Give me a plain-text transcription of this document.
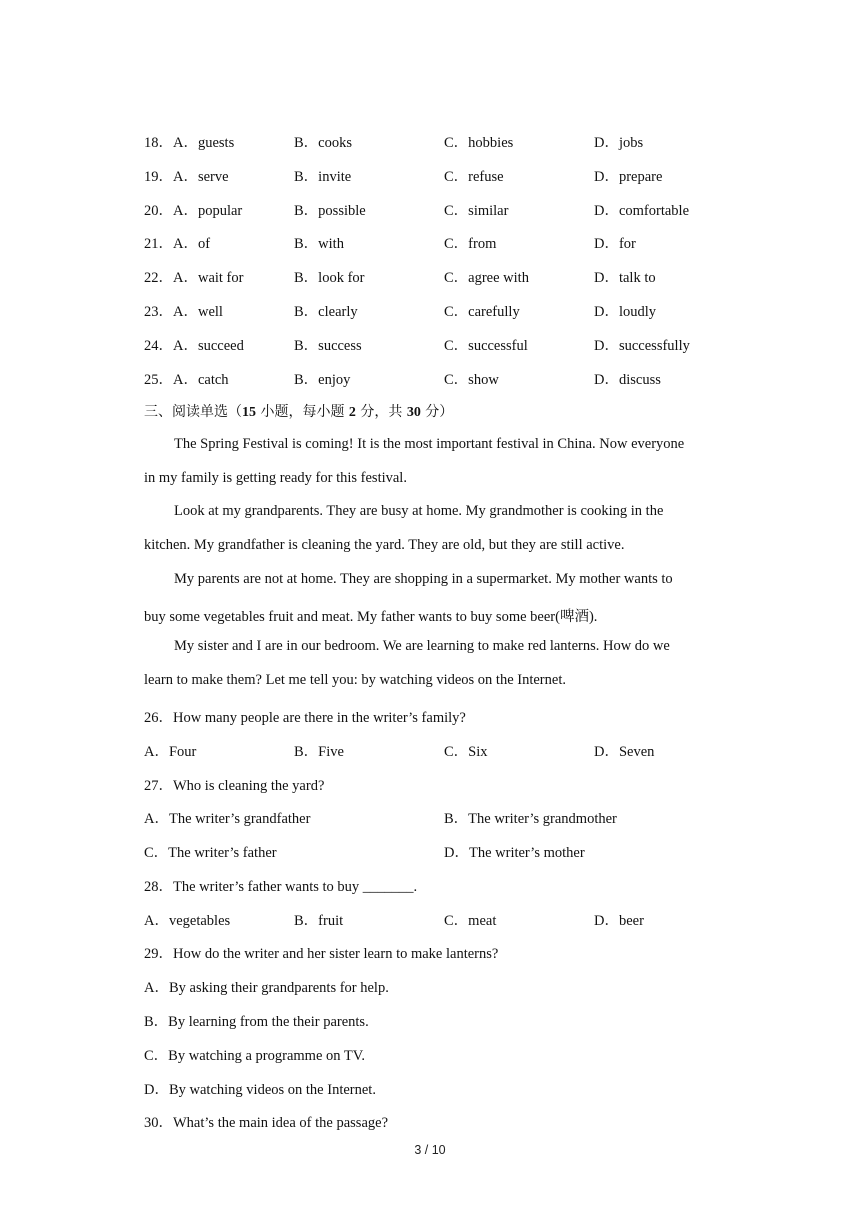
18．A．guests	B．cooks	C．hobbies	D．jobs
19．A．serve	B．invite	C．refuse	D．prepare
20．A．popular	B．possible	C．similar	D．comfortable
21．A．of	B．with	C．from	D．for
22．A．wait for	B．look for	C．agree with	D．talk to
23．A．well	B．clearly	C．carefully	D．loudly
24．A．succeed	B．success	C．successful	D．successfully
25．A．catch	B．enjoy	C．show	D．discuss
三、阅读单选（15 小题，每小题 2 分，共 30 分）
The Spring Festival is coming! It is the most important festival in China. Now everyone
in my family is getting ready for this festival.
Look at my grandparents. They are busy at home. My grandmother is cooking in the
kitchen. My grandfather is cleaning the yard. They are old, but they are still active.
My parents are not at home. They are shopping in a supermarket. My mother wants to
buy some vegetables fruit and meat. My father wants to buy some beer(啤酒).
My sister and I are in our bedroom. We are learning to make red lanterns. How do we
learn to make them? Let me tell you: by watching videos on the Internet.
26．How many people are there in the writer’s family?
A．Four	B．Five	C．Six	D．Seven
27．Who is cleaning the yard?
A．The writer’s grandfather	B．The writer’s grandmother
C．The writer’s father	D．The writer’s mother
28．The writer’s father wants to buy _______.
A．vegetables	B．fruit	C．meat	D．beer
29．How do the writer and her sister learn to make lanterns?
A．By asking their grandparents for help.
B．By learning from the their parents.
C．By watching a programme on TV.
D．By watching videos on the Internet.
30．What’s the main idea of the passage?
3 / 10
